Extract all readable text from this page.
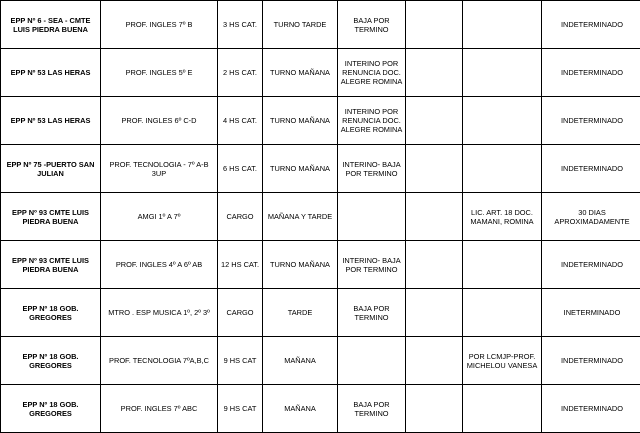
EPP Nº 6 - SEA - CMTE LUIS PIEDRA BUENA	PROF. INGLES 7º B	3 HS CAT.	TURNO TARDE	BAJA POR TERMINO			INDETERMINADO
EPP Nº 53 LAS HERAS	PROF. INGLES 5º E	2 HS CAT.	TURNO MAÑANA	INTERINO POR RENUNCIA DOC. ALEGRE ROMINA			INDETERMINADO
EPP Nº 53 LAS HERAS	PROF. INGLES 6º C-D	4 HS CAT.	TURNO MAÑANA	INTERINO POR RENUNCIA DOC. ALEGRE ROMINA			INDETERMINADO
EPP Nº 75 -PUERTO SAN JULIAN	PROF. TECNOLOGIA - 7º A-B 3UP	6 HS CAT.	TURNO MAÑANA	INTERINO- BAJA POR TERMINO			INDETERMINADO
EPP Nº 93 CMTE LUIS PIEDRA BUENA	AMGI 1º A 7º	CARGO	MAÑANA Y TARDE			LIC. ART. 18 DOC. MAMANI, ROMINA	30 DIAS APROXIMADAMENTE
EPP Nº 93 CMTE LUIS PIEDRA BUENA	PROF. INGLES 4º A 6º AB	12 HS CAT.	TURNO MAÑANA	INTERINO- BAJA POR TERMINO			INDETERMINADO
EPP Nº 18 GOB. GREGORES	MTRO . ESP MUSICA 1º, 2º 3º	CARGO	TARDE	BAJA POR TERMINO			INETERMINADO
EPP Nº 18 GOB. GREGORES	PROF. TECNOLOGIA 7ºA,B,C	9 HS CAT	MAÑANA			POR LCMJP-PROF. MICHELOU VANESA	INDETERMINADO
EPP Nº 18 GOB. GREGORES	PROF. INGLES 7º ABC	9 HS CAT	MAÑANA	BAJA POR TERMINO			INDETERMINADO
